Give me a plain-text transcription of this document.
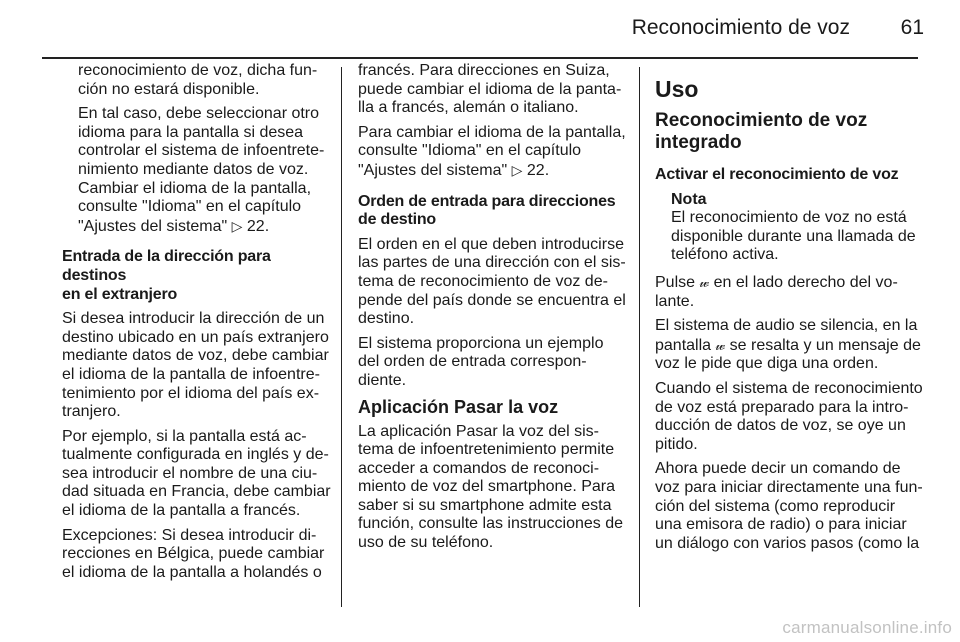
Reconocimiento de voz 61

reconocimiento de voz, dicha fun-
ción no estará disponible.

En tal caso, debe seleccionar otro
idioma para la pantalla si desea
controlar el sistema de infoentrete-
nimiento mediante datos de voz.
Cambiar el idioma de la pantalla,
consulte "Idioma" en el capítulo
"Ajustes del sistema" ▷ 22.

Entrada de la dirección para destinos
en el extranjero

Si desea introducir la dirección de un
destino ubicado en un país extranjero
mediante datos de voz, debe cambiar
el idioma de la pantalla de infoentre-
tenimiento por el idioma del país ex-
tranjero.

Por ejemplo, si la pantalla está ac-
tualmente configurada en inglés y de-
sea introducir el nombre de una ciu-
dad situada en Francia, debe cambiar
el idioma de la pantalla a francés.

Excepciones: Si desea introducir di-
recciones en Bélgica, puede cambiar
el idioma de la pantalla a holandés o

francés. Para direcciones en Suiza,
puede cambiar el idioma de la panta-
lla a francés, alemán o italiano.

Para cambiar el idioma de la pantalla,
consulte "Idioma" en el capítulo
"Ajustes del sistema" ▷ 22.

Orden de entrada para direcciones
de destino

El orden en el que deben introducirse
las partes de una dirección con el sis-
tema de reconocimiento de voz de-
pende del país donde se encuentra el
destino.

El sistema proporciona un ejemplo
del orden de entrada correspon-
diente.

Aplicación Pasar la voz

La aplicación Pasar la voz del sis-
tema de infoentretenimiento permite
acceder a comandos de reconoci-
miento de voz del smartphone. Para
saber si su smartphone admite esta
función, consulte las instrucciones de
uso de su teléfono.

Uso
Reconocimiento de voz
integrado

Activar el reconocimiento de voz

Nota
El reconocimiento de voz no está
disponible durante una llamada de
teléfono activa.

Pulse 𝓌 en el lado derecho del vo-
lante.

El sistema de audio se silencia, en la
pantalla 𝓌 se resalta y un mensaje de
voz le pide que diga una orden.

Cuando el sistema de reconocimiento
de voz está preparado para la intro-
ducción de datos de voz, se oye un
pitido.

Ahora puede decir un comando de
voz para iniciar directamente una fun-
ción del sistema (como reproducir
una emisora de radio) o para iniciar
un diálogo con varios pasos (como la

carmanualsonline.info
